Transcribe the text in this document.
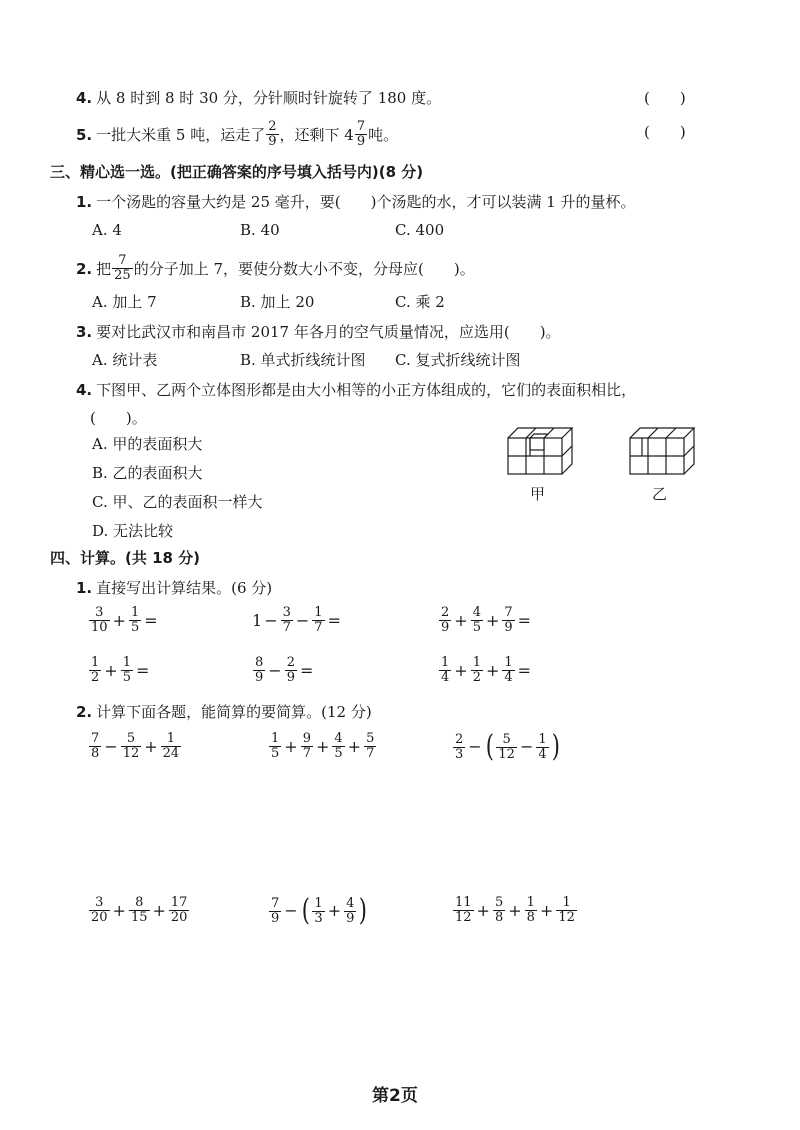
4. 从 8 时到 8 时 30 分，分针顺时针旋转了 180 度。	(　　)
5. 一批大米重 5 吨，运走了 $\frac{2}{9}$ ，还剩下 $4 \frac{7}{9}$ 吨。	(　　)
三、精心选一选。(把正确答案的序号填入括号内)(8 分)
1. 一个汤匙的容量大约是 25 毫升，要(　　)个汤匙的水，才可以装满 1 升的量杯。
A. 4	B. 40	C. 400
2. 把 $\frac{7}{25}$ 的分子加上 7，要使分数大小不变，分母应(　　)。
A. 加上 7	B. 加上 20	C. 乘 2
3. 要对比武汉市和南昌市 2017 年各月的空气质量情况，应选用(　　)。
A. 统计表	B. 单式折线统计图 C. 复式折线统计图
4. 下图甲、乙两个立体图形都是由大小相等的小正方体组成的，它们的表面积相比，
(　　)。
A. 甲的表面积大
B. 乙的表面积大
C. 甲、乙的表面积一样大
D. 无法比较
甲	乙
四、计算。(共 18 分)
1. 直接写出计算结果。(6 分)
$\frac{3}{10} + \frac{1}{5}$ =	$1 - \frac{3}{7} - \frac{1}{7}$ =	$\frac{2}{9} + \frac{4}{5} + \frac{7}{9}$ =
$\frac{1}{2} + \frac{1}{5}$ =	$\frac{8}{9} - \frac{2}{9}$ =	$\frac{1}{4} + \frac{1}{2} + \frac{1}{4}$ =
2. 计算下面各题，能简算的要简算。(12 分)
$\frac{7}{8} - \frac{5}{12} + \frac{1}{24}$	$\frac{1}{5} + \frac{9}{7} + \frac{4}{5} + \frac{5}{7}$	$\frac{2}{3}$ − ( $\frac{5}{12} - \frac{1}{4}$ )
$\frac{3}{20} + \frac{8}{15} + \frac{17}{20}$	$\frac{7}{9}$ − ( $\frac{1}{3} + \frac{4}{9}$ )	$\frac{11}{12} + \frac{5}{8} + \frac{1}{8} + \frac{1}{12}$
第2页
